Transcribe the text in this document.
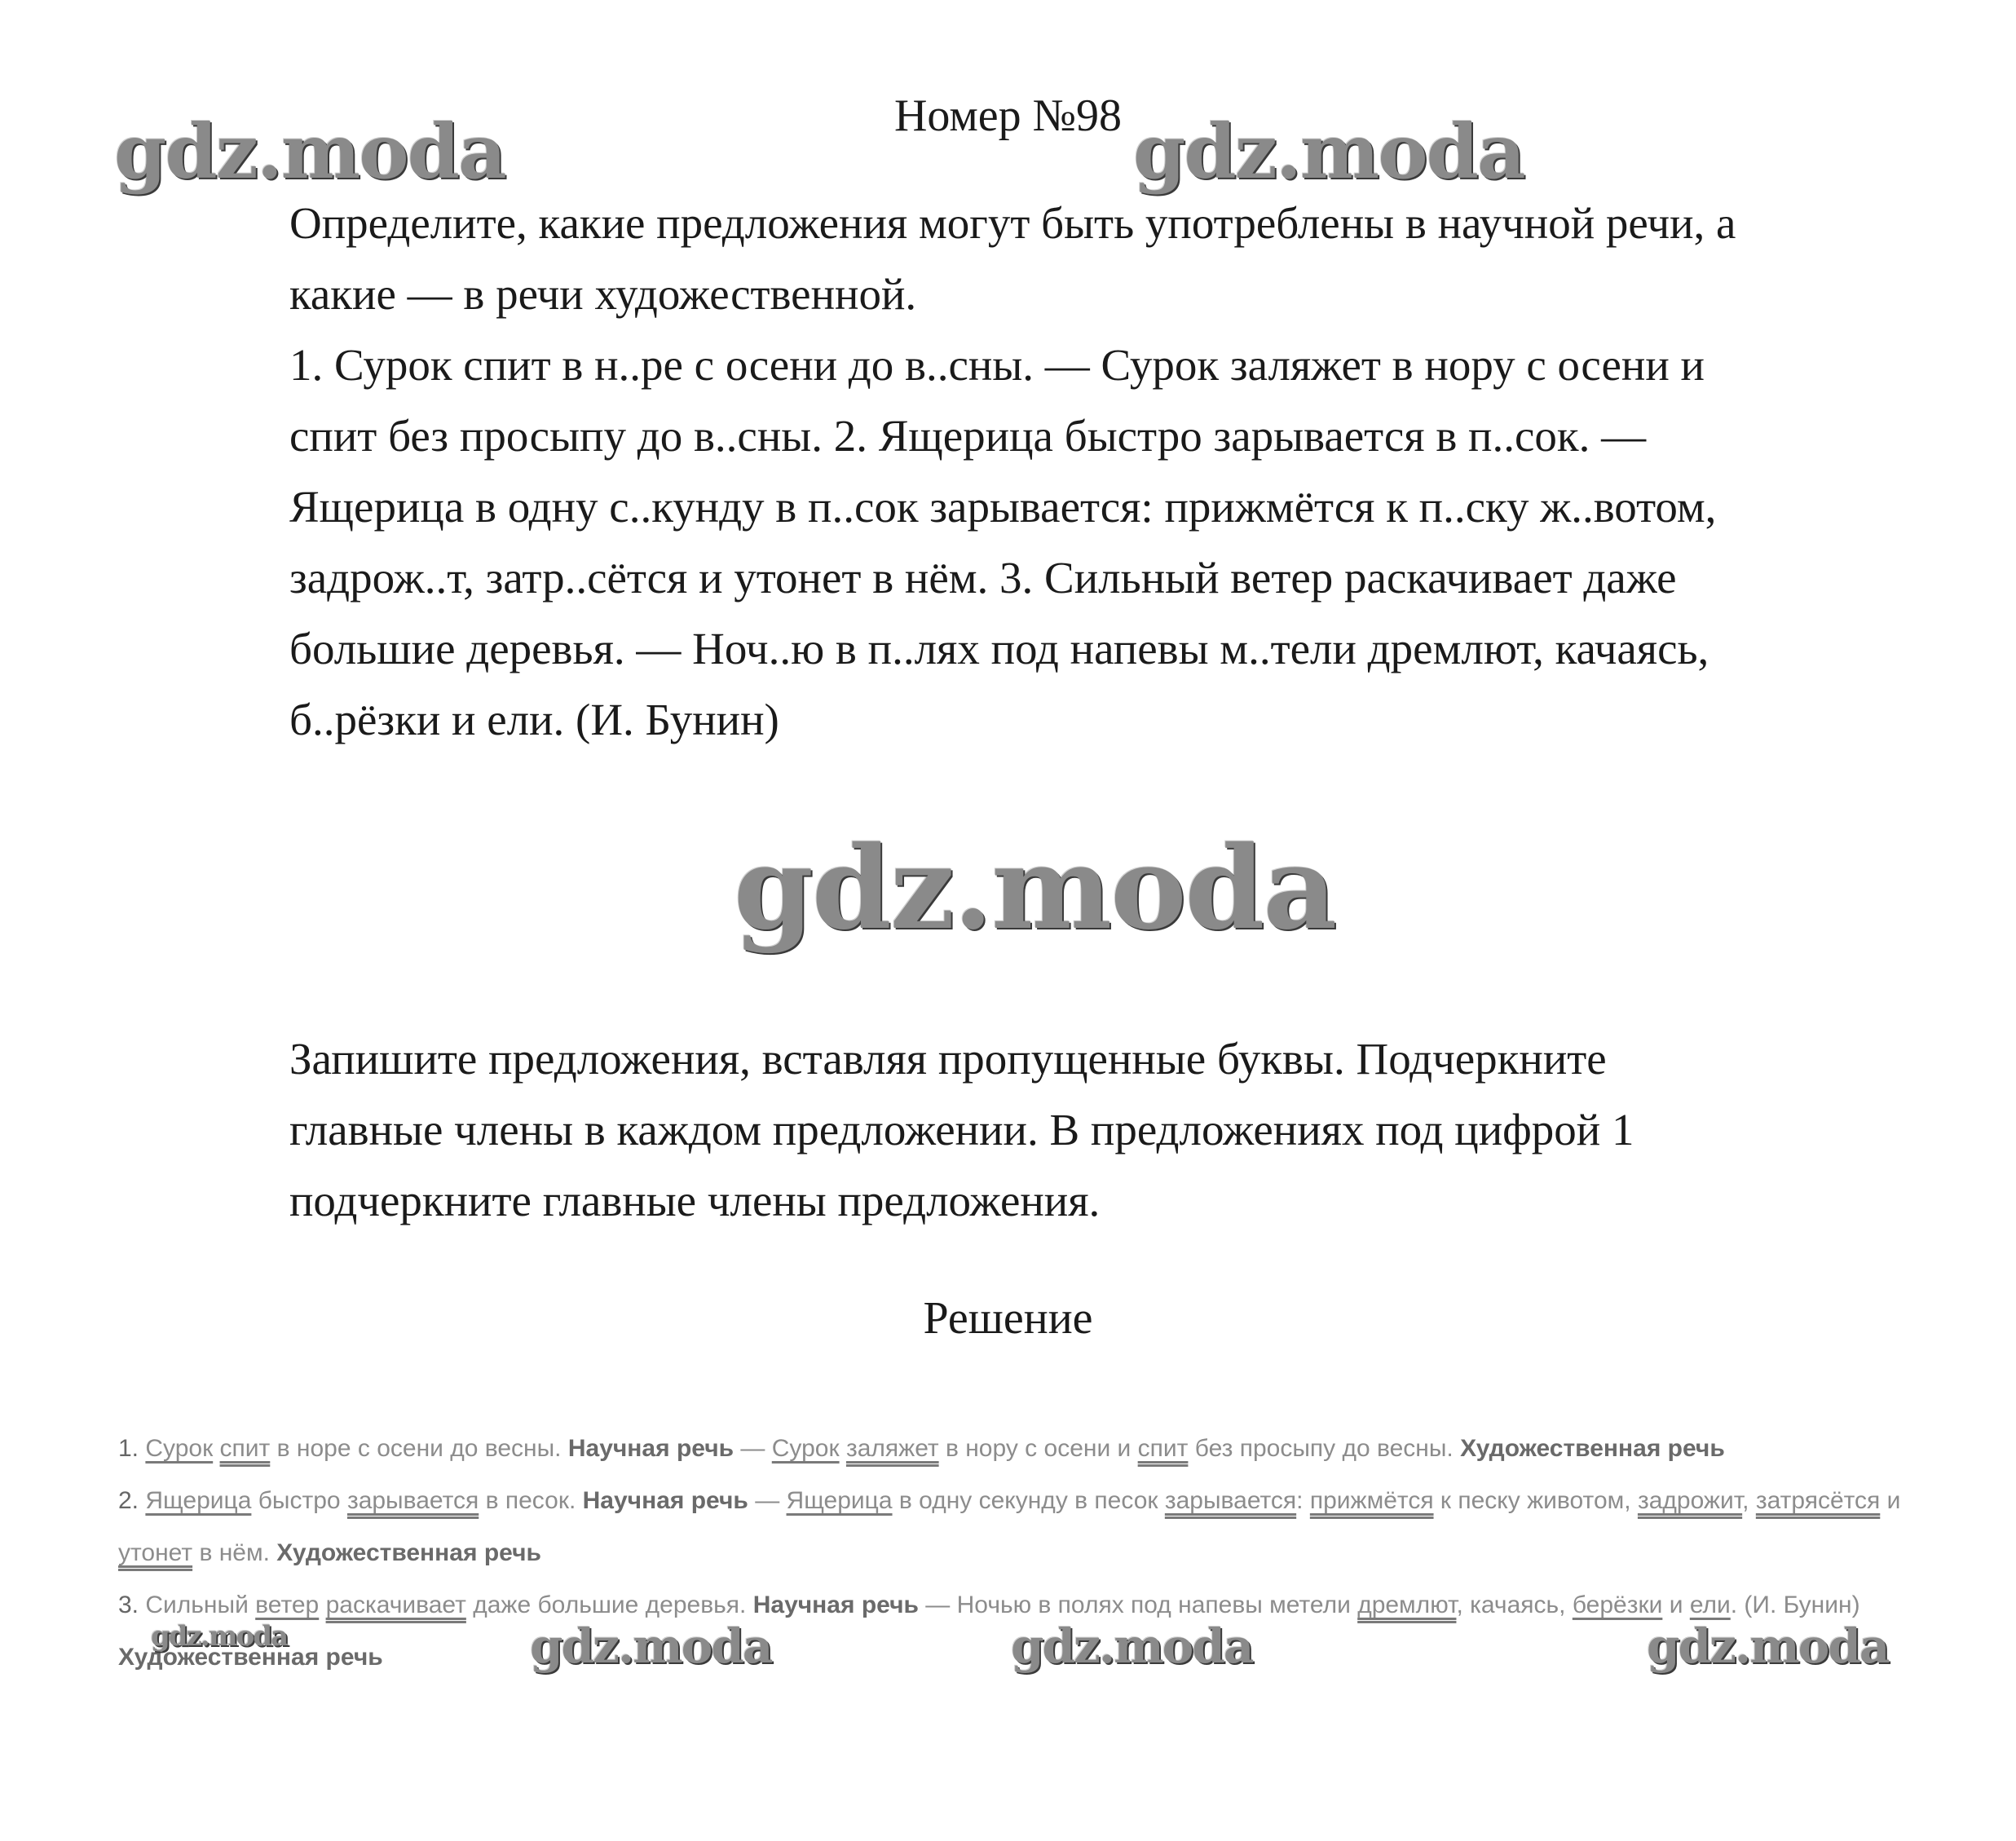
gdz.moda	gdz.moda
Номер №98

Определите, какие предложения могут быть употреблены в научной речи, а какие — в речи художественной.

1. Сурок спит в н..ре с осени до в..сны. — Сурок заляжет в нору с осени и спит без просыпу до в..сны. 2. Ящерица быстро зарывается в п..сок. — Ящерица в одну с..кунду в п..сок зарывается: прижмётся к п..ску ж..вотом, задрож..т, затр..сётся и утонет в нём. 3. Сильный ветер раскачивает даже большие деревья. — Ноч..ю в п..лях под напевы м..тели дремлют, качаясь, б..рёзки и ели. (И. Бунин)

gdz.moda

Запишите предложения, вставляя пропущенные буквы. Подчеркните главные члены в каждом предложении. В предложениях под цифрой 1 подчеркните главные члены предложения.

Решение

1. Сурок спит в норе с осени до весны. Научная речь — Сурок заляжет в нору с осени и спит без просыпу до весны. Художественная речь

2. Ящерица быстро зарывается в песок. Научная речь — Ящерица в одну секунду в песок зарывается: прижмётся к песку животом, задрожит, затрясётся и утонет в нём. Художественная речь

3. Сильный ветер раскачивает даже большие деревья. Научная речь — Ночью в полях под напевы метели дремлют, качаясь, берёзки и ели. (И. Бунин) Художественная речь

gdz.moda	gdz.moda	gdz.moda	gdz.moda
